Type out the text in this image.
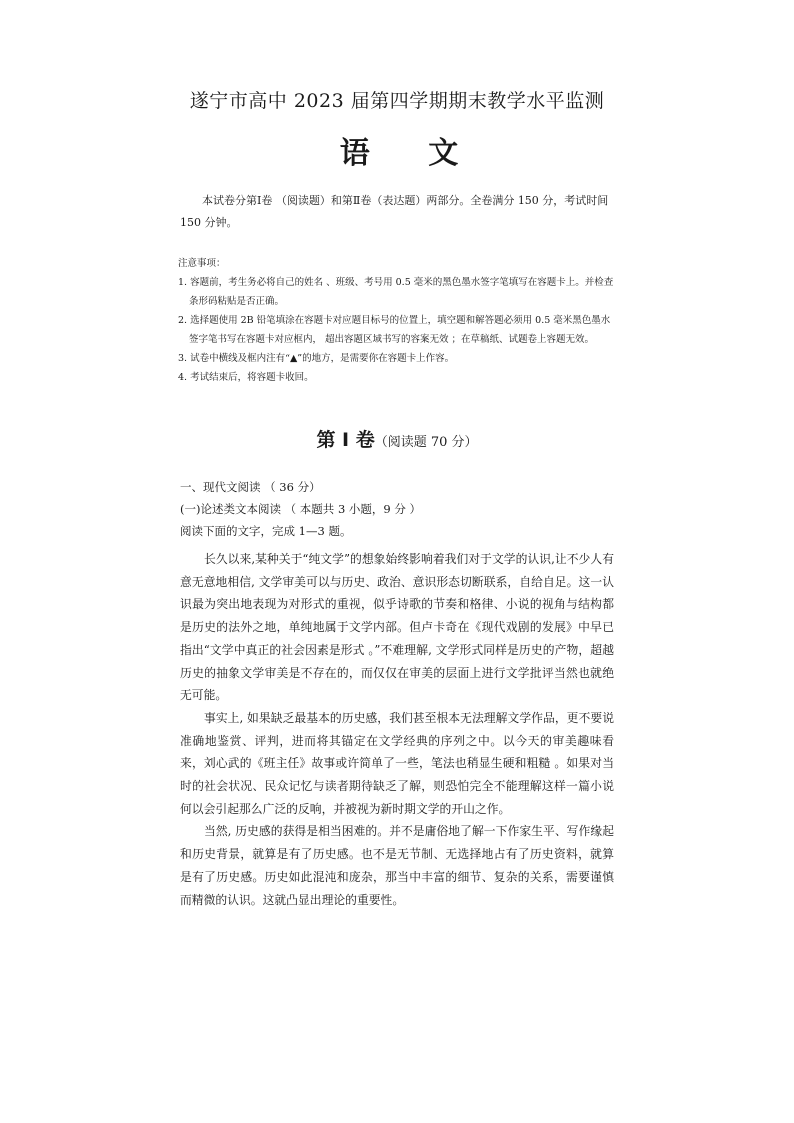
遂宁市高中 2023 届第四学期期末教学水平监测
语 文

本试卷分第Ⅰ卷 （阅读题）和第Ⅱ卷（表达题）两部分。全卷满分 150 分，考试时间 150 分钟。

注意事项：

1. 容题前，考生务必将自己的姓名 、班级、考号用 0.5 毫米的黑色墨水签字笔填写在容题卡上。并检查条形码粘贴是否正确。

2. 选择题使用 2B 铅笔填涂在容题卡对应题目标号的位置上，填空题和解答题必须用 0.5 毫米黑色墨水签字笔书写在容题卡对应框内， 超出容题区域书写的容案无效 ；在草稿纸、试题卷上容题无效。

3. 试卷中横线及框内注有“▲”的地方，是需要你在容题卡上作容。

4. 考试结束后，将容题卡收回。

第 Ⅰ 卷（阅读题 70 分）
一、现代文阅读 （ 36 分）
(一)论述类文本阅读 （ 本题共 3 小题，9 分 ）
阅读下面的文字，完成 1—3 题。

长久以来,某种关于“纯文学”的想象始终影响着我们对于文学的认识,让不少人有意无意地相信, 文学审美可以与历史、政治、意识形态切断联系，自给自足。这一认识最为突出地表现为对形式的重视，似乎诗歌的节奏和格律、小说的视角与结构都是历史的法外之地，单纯地属于文学内部。但卢卡奇在《现代戏剧的发展》中早已指出“文学中真正的社会因素是形式 。”不难理解, 文学形式同样是历史的产物，超越历史的抽象文学审美是不存在的，而仅仅在审美的层面上进行文学批评当然也就绝无可能。

事实上, 如果缺乏最基本的历史感，我们甚至根本无法理解文学作品，更不要说准确地鉴赏、评判，进而将其锚定在文学经典的序列之中。以今天的审美趣味看来，刘心武的《班主任》故事或许简单了一些，笔法也稍显生硬和粗糙 。如果对当时的社会状况、民众记忆与读者期待缺乏了解，则恐怕完全不能理解这样一篇小说何以会引起那么广泛的反响，并被视为新时期文学的开山之作。

当然, 历史感的获得是相当困难的。并不是庸俗地了解一下作家生平、写作缘起和历史背景，就算是有了历史感。也不是无节制、无选择地占有了历史资料，就算是有了历史感。历史如此混沌和庞杂，那当中丰富的细节、复杂的关系，需要谨慎而精微的认识。这就凸显出理论的重要性。
